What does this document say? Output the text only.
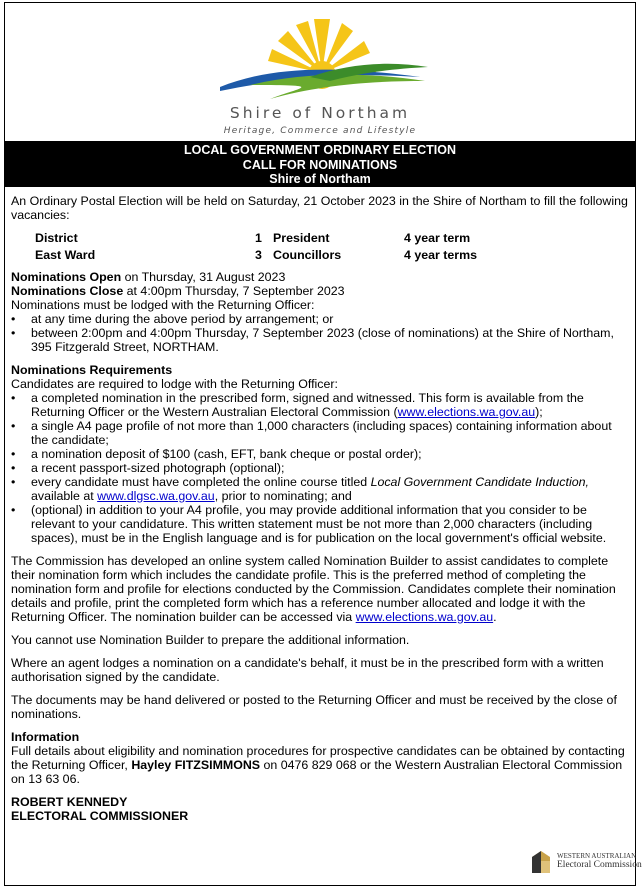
Shire of Northam
Heritage, Commerce and Lifestyle
LOCAL GOVERNMENT ORDINARY ELECTION
CALL FOR NOMINATIONS
Shire of Northam

An Ordinary Postal Election will be held on Saturday, 21 October 2023 in the Shire of Northam to fill the following vacancies:

District	1	President	4 year term
East Ward	3	Councillors	4 year terms

Nominations Open on Thursday, 31 August 2023

Nominations Close at 4:00pm Thursday, 7 September 2023

Nominations must be lodged with the Returning Officer:

• at any time during the above period by arrangement; or
• between 2:00pm and 4:00pm Thursday, 7 September 2023 (close of nominations) at the Shire of Northam, 395 Fitzgerald Street, NORTHAM.

Nominations Requirements

Candidates are required to lodge with the Returning Officer:

• a completed nomination in the prescribed form, signed and witnessed. This form is available from the Returning Officer or the Western Australian Electoral Commission (www.elections.wa.gov.au);
• a single A4 page profile of not more than 1,000 characters (including spaces) containing information about the candidate;
• a nomination deposit of $100 (cash, EFT, bank cheque or postal order);
• a recent passport-sized photograph (optional);
• every candidate must have completed the online course titled Local Government Candidate Induction, available at www.dlgsc.wa.gov.au, prior to nominating; and
• (optional) in addition to your A4 profile, you may provide additional information that you consider to be relevant to your candidature. This written statement must be not more than 2,000 characters (including spaces), must be in the English language and is for publication on the local government's official website.

The Commission has developed an online system called Nomination Builder to assist candidates to complete their nomination form which includes the candidate profile. This is the preferred method of completing the nomination form and profile for elections conducted by the Commission. Candidates complete their nomination details and profile, print the completed form which has a reference number allocated and lodge it with the Returning Officer. The nomination builder can be accessed via www.elections.wa.gov.au.

You cannot use Nomination Builder to prepare the additional information.

Where an agent lodges a nomination on a candidate's behalf, it must be in the prescribed form with a written authorisation signed by the candidate.

The documents may be hand delivered or posted to the Returning Officer and must be received by the close of nominations.

Information

Full details about eligibility and nomination procedures for prospective candidates can be obtained by contacting the Returning Officer, Hayley FITZSIMMONS on 0476 829 068 or the Western Australian Electoral Commission on 13 63 06.

ROBERT KENNEDY

ELECTORAL COMMISSIONER

WESTERN AUSTRALIAN
Electoral Commission
